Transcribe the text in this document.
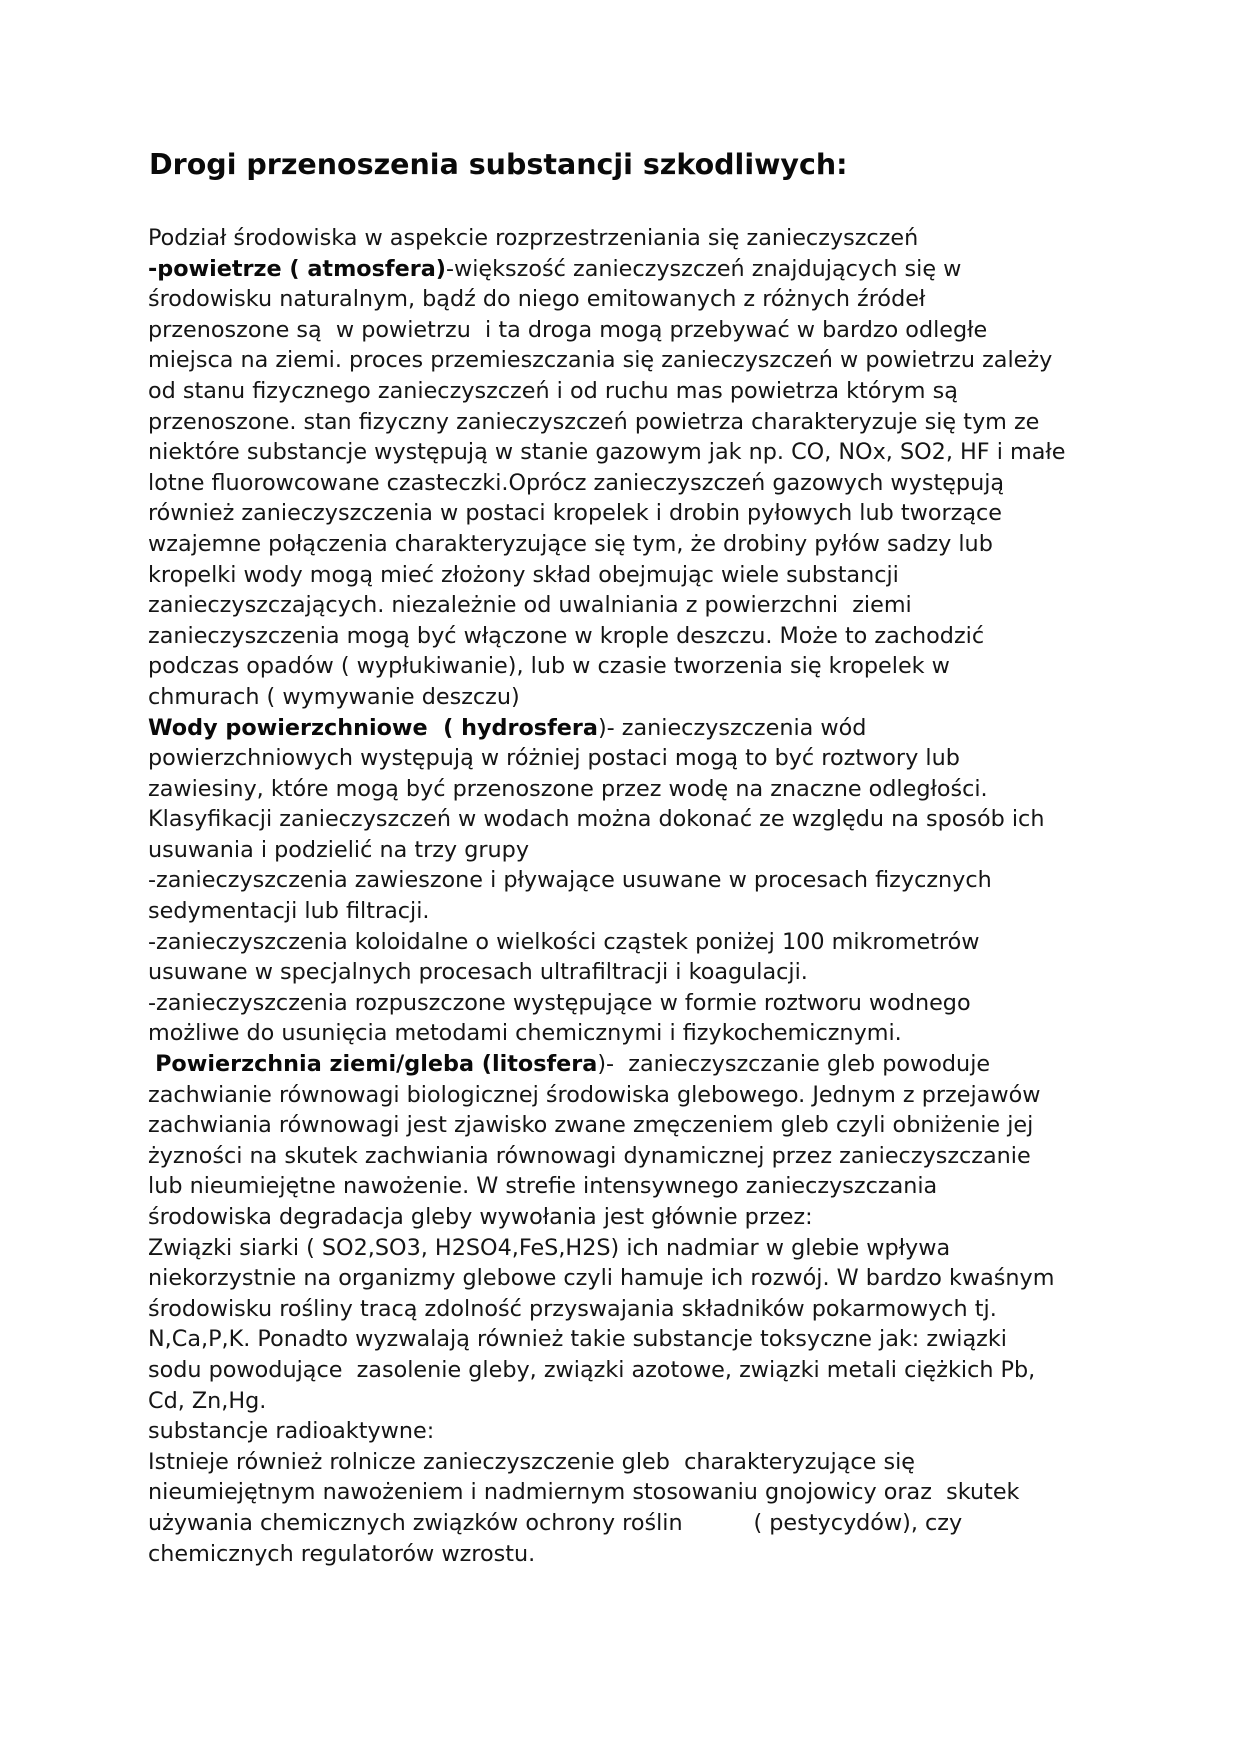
Drogi przenoszenia substancji szkodliwych:
Podział środowiska w aspekcie rozprzestrzeniania się zanieczyszczeń
-powietrze ( atmosfera)-większość zanieczyszczeń znajdujących się w
środowisku naturalnym, bądź do niego emitowanych z różnych źródeł
przenoszone są  w powietrzu  i ta droga mogą przebywać w bardzo odległe
miejsca na ziemi. proces przemieszczania się zanieczyszczeń w powietrzu zależy
od stanu fizycznego zanieczyszczeń i od ruchu mas powietrza którym są
przenoszone. stan fizyczny zanieczyszczeń powietrza charakteryzuje się tym ze
niektóre substancje występują w stanie gazowym jak np. CO, NOx, SO2, HF i małe
lotne fluorowcowane czasteczki.Oprócz zanieczyszczeń gazowych występują
również zanieczyszczenia w postaci kropelek i drobin pyłowych lub tworzące
wzajemne połączenia charakteryzujące się tym, że drobiny pyłów sadzy lub
kropelki wody mogą mieć złożony skład obejmując wiele substancji
zanieczyszczających. niezależnie od uwalniania z powierzchni  ziemi
zanieczyszczenia mogą być włączone w krople deszczu. Może to zachodzić
podczas opadów ( wypłukiwanie), lub w czasie tworzenia się kropelek w
chmurach ( wymywanie deszczu)
Wody powierzchniowe  ( hydrosfera)- zanieczyszczenia wód
powierzchniowych występują w różniej postaci mogą to być roztwory lub
zawiesiny, które mogą być przenoszone przez wodę na znaczne odległości.
Klasyfikacji zanieczyszczeń w wodach można dokonać ze względu na sposób ich
usuwania i podzielić na trzy grupy
-zanieczyszczenia zawieszone i pływające usuwane w procesach fizycznych
sedymentacji lub filtracji.
-zanieczyszczenia koloidalne o wielkości cząstek poniżej 100 mikrometrów
usuwane w specjalnych procesach ultrafiltracji i koagulacji.
-zanieczyszczenia rozpuszczone występujące w formie roztworu wodnego
możliwe do usunięcia metodami chemicznymi i fizykochemicznymi.
Powierzchnia ziemi/gleba (litosfera)-  zanieczyszczanie gleb powoduje
zachwianie równowagi biologicznej środowiska glebowego. Jednym z przejawów
zachwiania równowagi jest zjawisko zwane zmęczeniem gleb czyli obniżenie jej
żyzności na skutek zachwiania równowagi dynamicznej przez zanieczyszczanie
lub nieumiejętne nawożenie. W strefie intensywnego zanieczyszczania
środowiska degradacja gleby wywołania jest głównie przez:
Związki siarki ( SO2,SO3, H2SO4,FeS,H2S) ich nadmiar w glebie wpływa
niekorzystnie na organizmy glebowe czyli hamuje ich rozwój. W bardzo kwaśnym
środowisku rośliny tracą zdolność przyswajania składników pokarmowych tj.
N,Ca,P,K. Ponadto wyzwalają również takie substancje toksyczne jak: związki
sodu powodujące  zasolenie gleby, związki azotowe, związki metali ciężkich Pb,
Cd, Zn,Hg.
substancje radioaktywne:
Istnieje również rolnicze zanieczyszczenie gleb  charakteryzujące się
nieumiejętnym nawożeniem i nadmiernym stosowaniu gnojowicy oraz  skutek
używania chemicznych związków ochrony roślin          ( pestycydów), czy
chemicznych regulatorów wzrostu.
